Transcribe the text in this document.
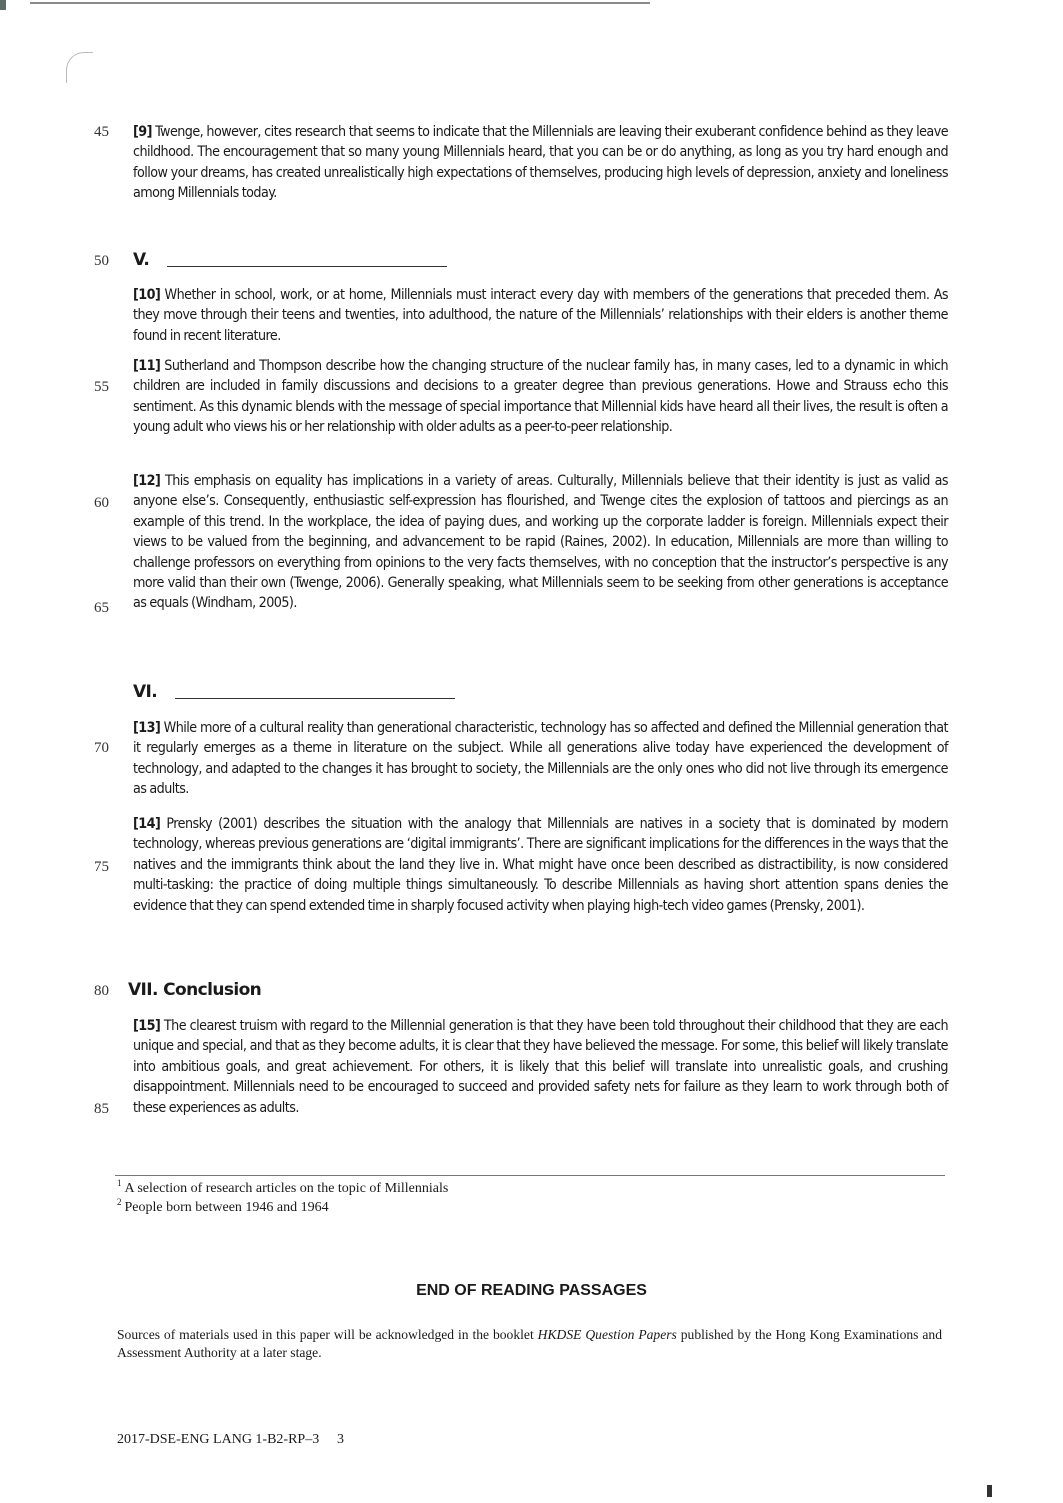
45
50
55
60
65
70
75
80
85
[9] Twenge, however, cites research that seems to indicate that the Millennials are leaving their exuberant confidence behind as they leave childhood. The encouragement that so many young Millennials heard, that you can be or do anything, as long as you try hard enough and follow your dreams, has created unrealistically high expectations of themselves, producing high levels of depression, anxiety and loneliness among Millennials today.
V.
[10] Whether in school, work, or at home, Millennials must interact every day with members of the generations that preceded them. As they move through their teens and twenties, into adulthood, the nature of the Millennials’ relationships with their elders is another theme found in recent literature.
[11] Sutherland and Thompson describe how the changing structure of the nuclear family has, in many cases, led to a dynamic in which children are included in family discussions and decisions to a greater degree than previous generations. Howe and Strauss echo this sentiment. As this dynamic blends with the message of special importance that Millennial kids have heard all their lives, the result is often a young adult who views his or her relationship with older adults as a peer-to-peer relationship.
[12] This emphasis on equality has implications in a variety of areas. Culturally, Millennials believe that their identity is just as valid as anyone else’s. Consequently, enthusiastic self-expression has flourished, and Twenge cites the explosion of tattoos and piercings as an example of this trend. In the workplace, the idea of paying dues, and working up the corporate ladder is foreign. Millennials expect their views to be valued from the beginning, and advancement to be rapid (Raines, 2002). In education, Millennials are more than willing to challenge professors on everything from opinions to the very facts themselves, with no conception that the instructor’s perspective is any more valid than their own (Twenge, 2006). Generally speaking, what Millennials seem to be seeking from other generations is acceptance as equals (Windham, 2005).
VI.
[13] While more of a cultural reality than generational characteristic, technology has so affected and defined the Millennial generation that it regularly emerges as a theme in literature on the subject. While all generations alive today have experienced the development of technology, and adapted to the changes it has brought to society, the Millennials are the only ones who did not live through its emergence as adults.
[14] Prensky (2001) describes the situation with the analogy that Millennials are natives in a society that is dominated by modern technology, whereas previous generations are ‘digital immigrants’. There are significant implications for the differences in the ways that the natives and the immigrants think about the land they live in. What might have once been described as distractibility, is now considered multi-tasking: the practice of doing multiple things simultaneously. To describe Millennials as having short attention spans denies the evidence that they can spend extended time in sharply focused activity when playing high-tech video games (Prensky, 2001).
VII. Conclusion
[15] The clearest truism with regard to the Millennial generation is that they have been told throughout their childhood that they are each unique and special, and that as they become adults, it is clear that they have believed the message. For some, this belief will likely translate into ambitious goals, and great achievement. For others, it is likely that this belief will translate into unrealistic goals, and crushing disappointment. Millennials need to be encouraged to succeed and provided safety nets for failure as they learn to work through both of these experiences as adults.
$^1$ A selection of research articles on the topic of Millennials
$^2$ People born between 1946 and 1964
END OF READING PASSAGES
Sources of materials used in this paper will be acknowledged in the booklet HKDSE Question Papers published by the Hong Kong Examinations and Assessment Authority at a later stage.
2017-DSE-ENG LANG 1-B2-RP–3 3
